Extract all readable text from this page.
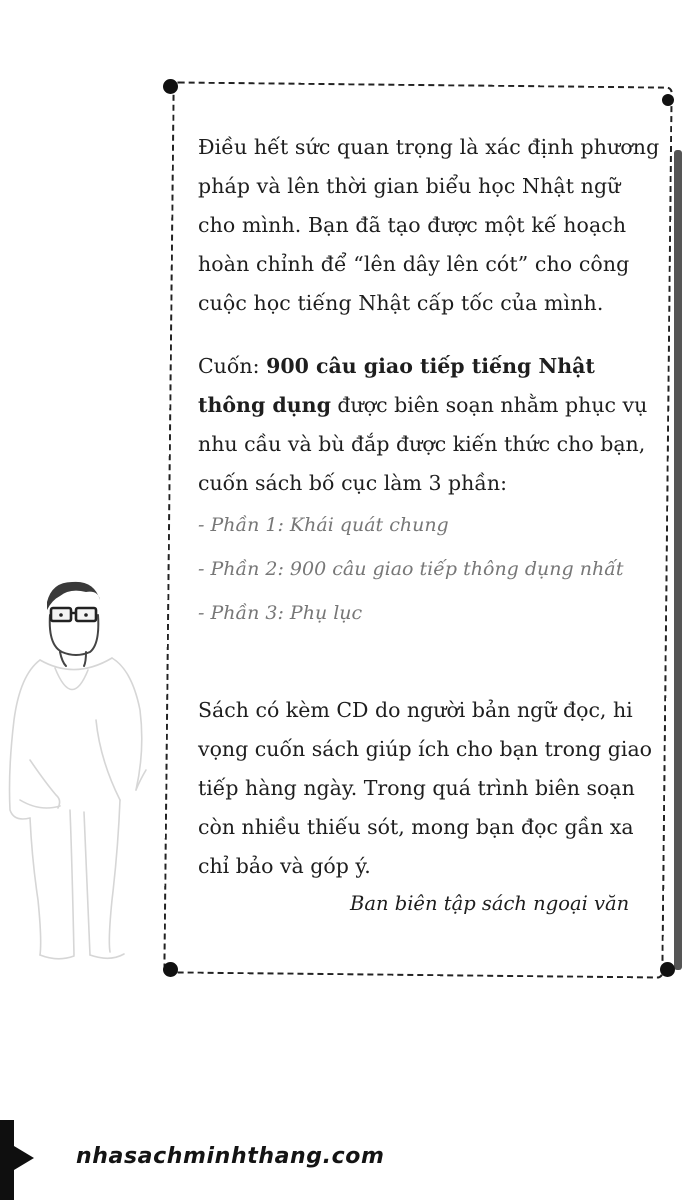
Điều hết sức quan trọng là xác định phương pháp và lên thời gian biểu học Nhật ngữ cho mình. Bạn đã tạo được một kế hoạch hoàn chỉnh để “lên dây lên cót” cho công cuộc học tiếng Nhật cấp tốc của mình.

Cuốn: 900 câu giao tiếp tiếng Nhật thông dụng được biên soạn nhằm phục vụ nhu cầu và bù đắp được kiến thức cho bạn, cuốn sách bố cục làm 3 phần:

- Phần 1: Khái quát chung
- Phần 2: 900 câu giao tiếp thông dụng nhất
- Phần 3: Phụ lục

Sách có kèm CD do người bản ngữ đọc, hi vọng cuốn sách giúp ích cho bạn trong giao tiếp hàng ngày. Trong quá trình biên soạn còn nhiều thiếu sót, mong bạn đọc gần xa chỉ bảo và góp ý.

Ban biên tập sách ngoại văn
nhasachminhthang.com
